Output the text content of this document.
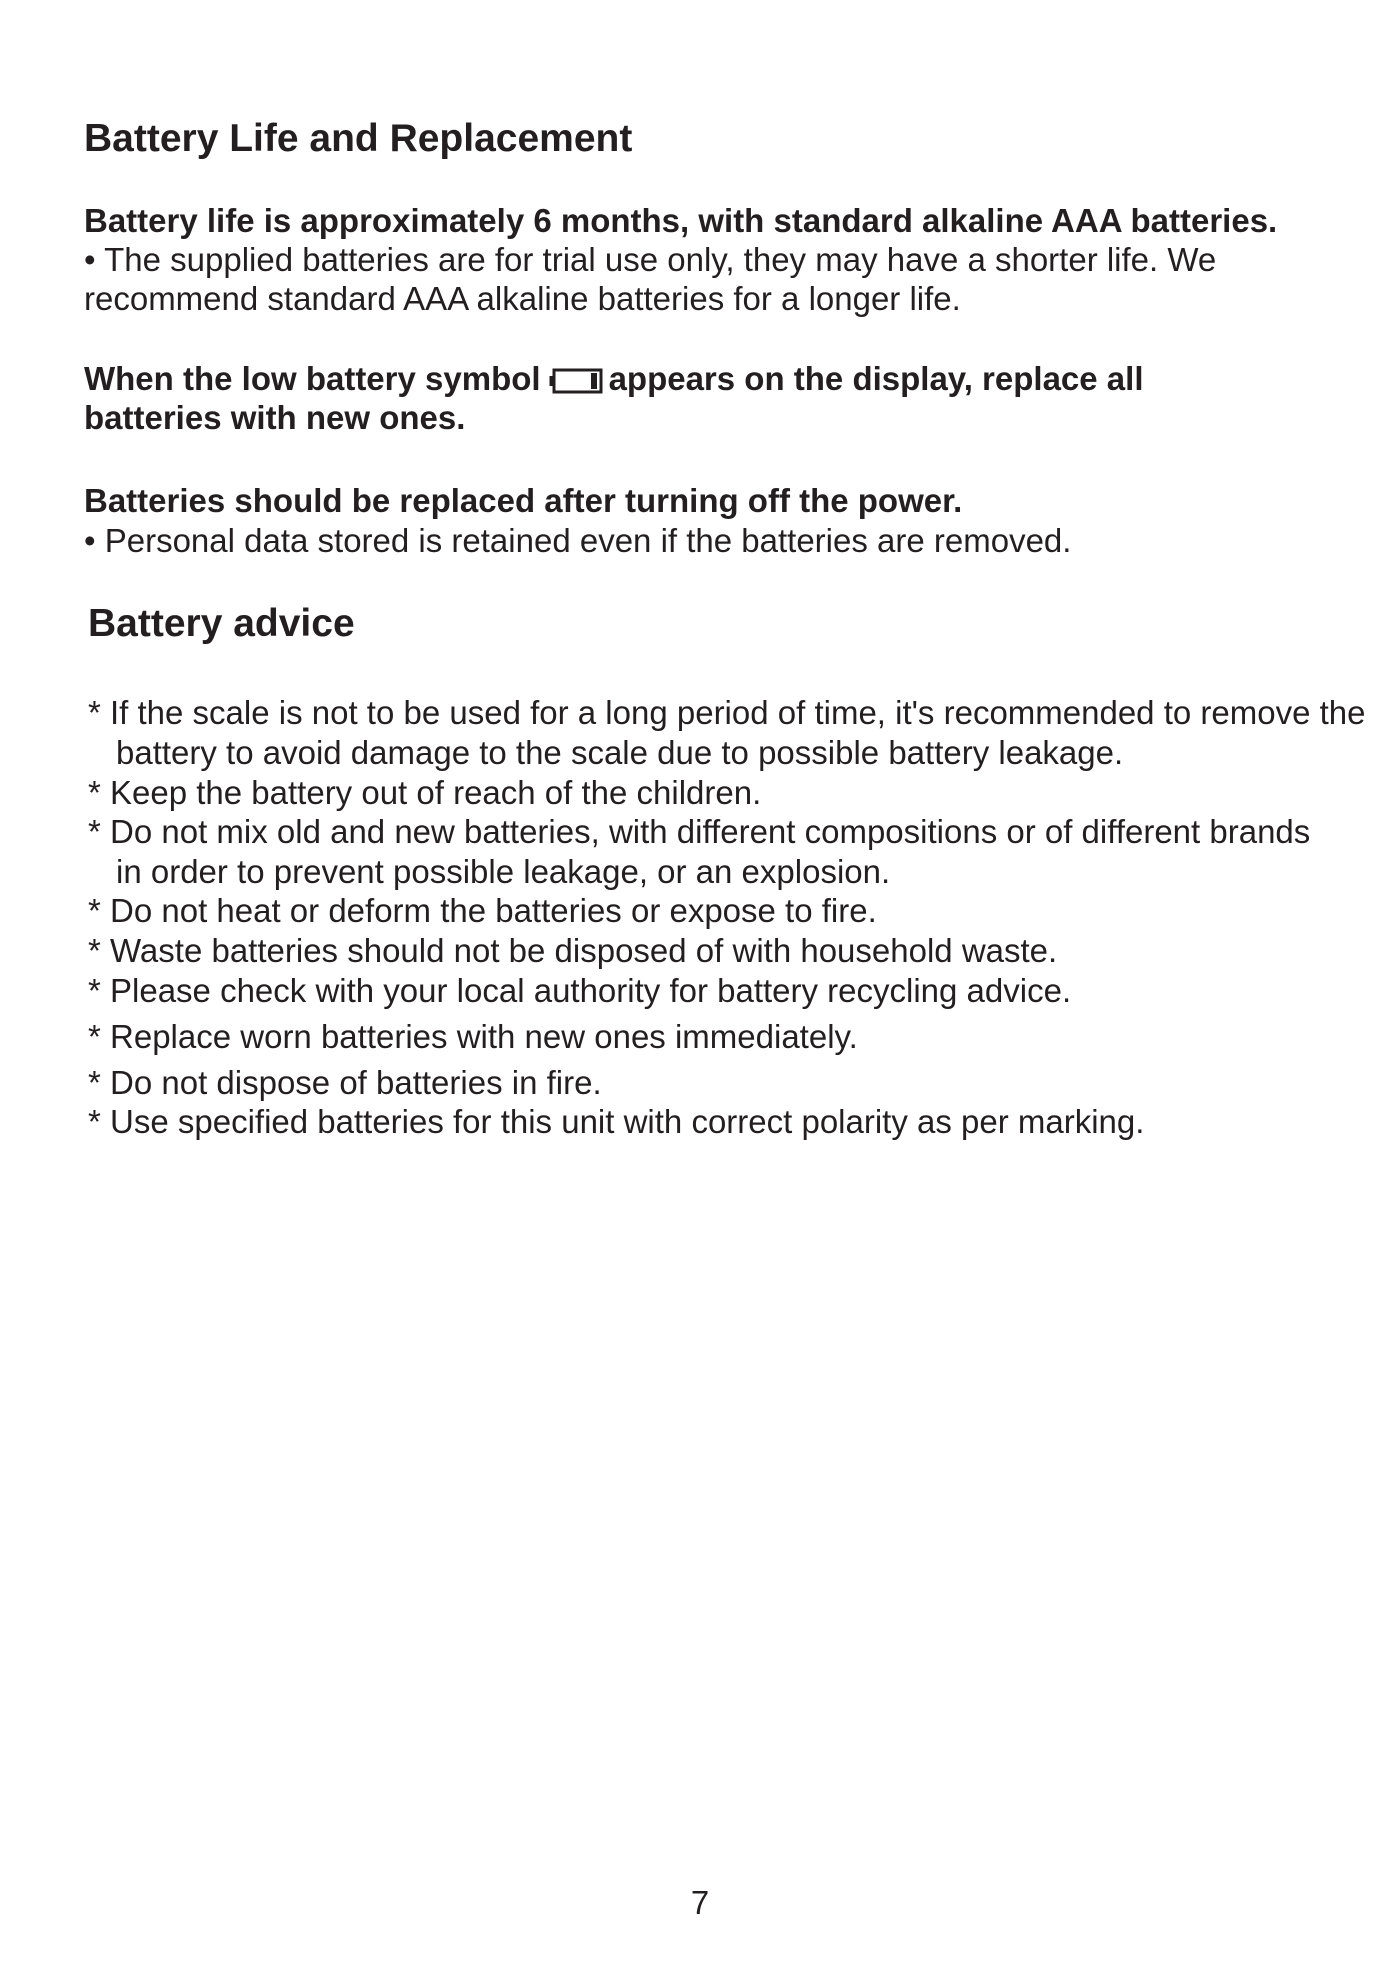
Battery Life and Replacement
Battery life is approximately 6 months, with standard alkaline AAA batteries.
• The supplied batteries are for trial use only, they may have a shorter life. We
recommend standard AAA alkaline batteries for a longer life.
When the low battery symbol appears on the display, replace all
batteries with new ones.
Batteries should be replaced after turning off the power.
• Personal data stored is retained even if the batteries are removed.
Battery advice
* If the scale is not to be used for a long period of time, it's recommended to remove the
battery to avoid damage to the scale due to possible battery leakage.
* Keep the battery out of reach of the children.
* Do not mix old and new batteries, with different compositions or of different brands
in order to prevent possible leakage, or an explosion.
* Do not heat or deform the batteries or expose to fire.
* Waste batteries should not be disposed of with household waste.
* Please check with your local authority for battery recycling advice.
* Replace worn batteries with new ones immediately.
* Do not dispose of batteries in fire.
* Use specified batteries for this unit with correct polarity as per marking.
7
